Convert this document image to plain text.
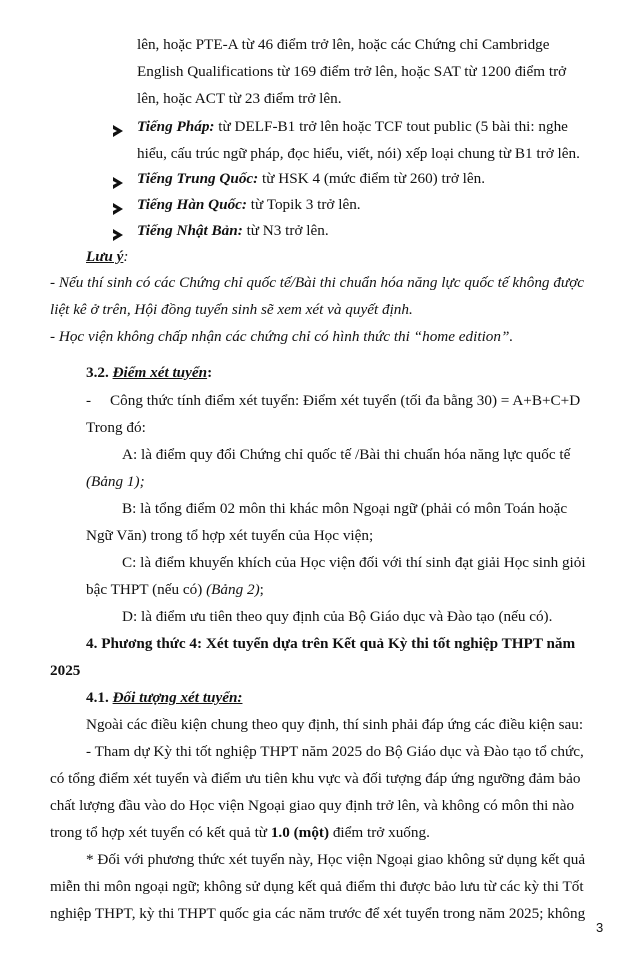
lên, hoặc PTE-A từ 46 điểm trở lên, hoặc các Chứng chỉ Cambridge
English Qualifications từ 169 điểm trở lên, hoặc SAT từ 1200 điểm trở
lên, hoặc ACT từ 23 điểm trở lên.
Tiếng Pháp: từ DELF-B1 trở lên hoặc TCF tout public (5 bài thi: nghe
hiểu, cấu trúc ngữ pháp, đọc hiểu, viết, nói) xếp loại chung từ B1 trở lên.
Tiếng Trung Quốc: từ HSK 4 (mức điểm từ 260) trở lên.
Tiếng Hàn Quốc: từ Topik 3 trở lên.
Tiếng Nhật Bản: từ N3 trở lên.
Lưu ý:
- Nếu thí sinh có các Chứng chỉ quốc tế/Bài thi chuẩn hóa năng lực quốc tế không được
liệt kê ở trên, Hội đồng tuyển sinh sẽ xem xét và quyết định.
- Học viện không chấp nhận các chứng chỉ có hình thức thi “home edition”.
3.2. Điểm xét tuyển:
- Công thức tính điểm xét tuyển: Điểm xét tuyển (tối đa bằng 30) = A+B+C+D
Trong đó:
A: là điểm quy đổi Chứng chỉ quốc tế /Bài thi chuẩn hóa năng lực quốc tế
(Bảng 1);
B: là tổng điểm 02 môn thi khác môn Ngoại ngữ (phải có môn Toán hoặc
Ngữ Văn) trong tổ hợp xét tuyển của Học viện;
C: là điểm khuyến khích của Học viện đối với thí sinh đạt giải Học sinh giỏi
bậc THPT (nếu có) (Bảng 2);
D: là điểm ưu tiên theo quy định của Bộ Giáo dục và Đào tạo (nếu có).
4. Phương thức 4: Xét tuyển dựa trên Kết quả Kỳ thi tốt nghiệp THPT năm
2025
4.1. Đối tượng xét tuyển:
Ngoài các điều kiện chung theo quy định, thí sinh phải đáp ứng các điều kiện sau:
- Tham dự Kỳ thi tốt nghiệp THPT năm 2025 do Bộ Giáo dục và Đào tạo tổ chức,
có tổng điểm xét tuyển và điểm ưu tiên khu vực và đối tượng đáp ứng ngưỡng đảm bảo
chất lượng đầu vào do Học viện Ngoại giao quy định trở lên, và không có môn thi nào
trong tổ hợp xét tuyển có kết quả từ 1.0 (một) điểm trở xuống.
* Đối với phương thức xét tuyển này, Học viện Ngoại giao không sử dụng kết quả
miễn thi môn ngoại ngữ; không sử dụng kết quả điểm thi được bảo lưu từ các kỳ thi Tốt
nghiệp THPT, kỳ thi THPT quốc gia các năm trước để xét tuyển trong năm 2025; không
3
